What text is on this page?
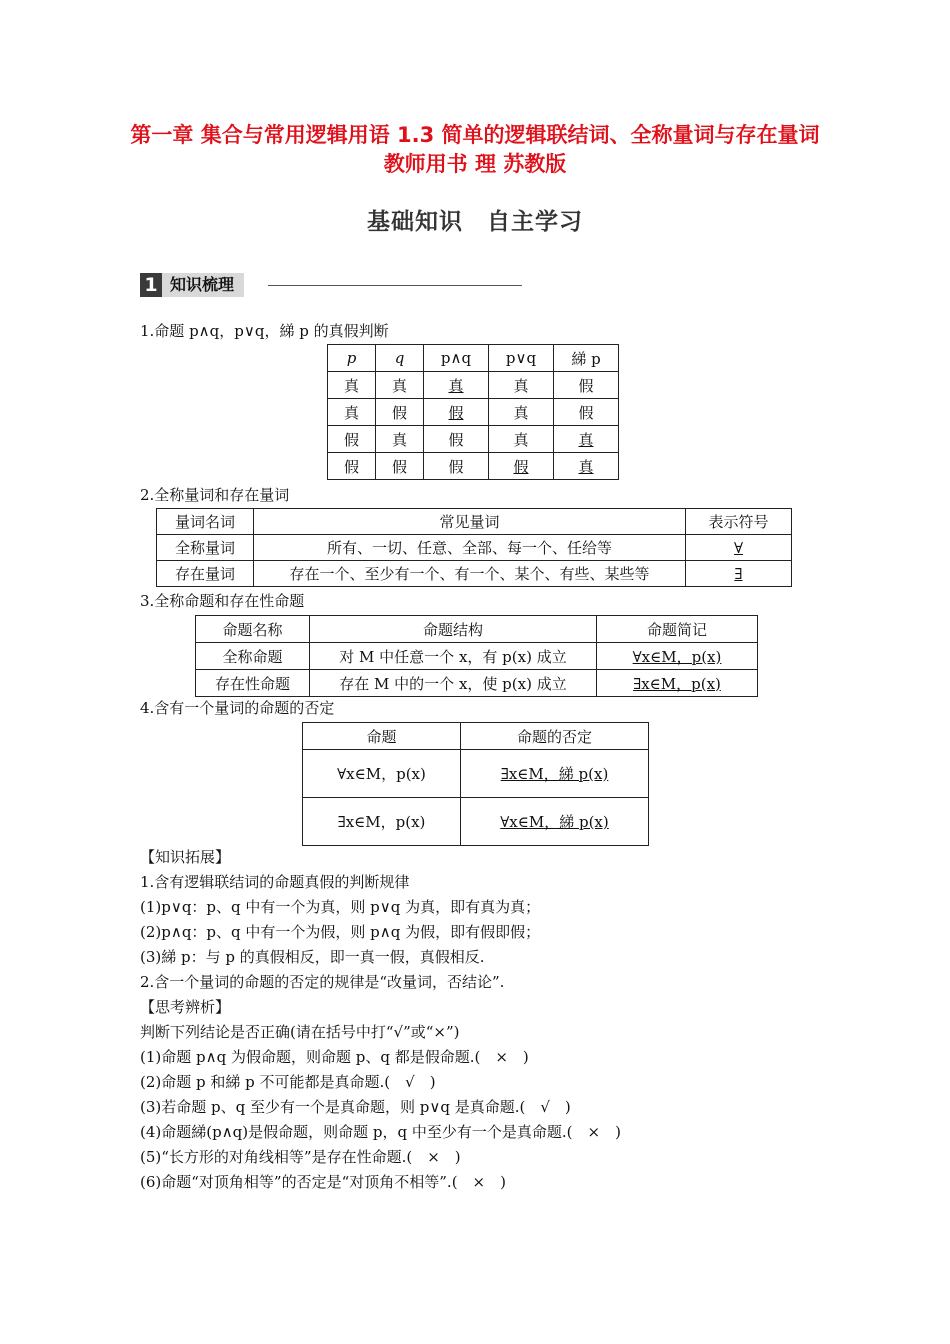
第一章 集合与常用逻辑用语 1.3 简单的逻辑联结词、全称量词与存在量词教师用书 理 苏教版
基础知识　自主学习
1 知识梳理
1.命题 p∧q，p∨q，綈 p 的真假判断
p	q	p∧q	p∨q	綈 p
真	真	真	真	假
真	假	假	真	假
假	真	假	真	真
假	假	假	假	真
2.全称量词和存在量词
量词名词	常见量词	表示符号
全称量词	所有、一切、任意、全部、每一个、任给等	∀
存在量词	存在一个、至少有一个、有一个、某个、有些、某些等	∃
3.全称命题和存在性命题
命题名称	命题结构	命题简记
全称命题	对 M 中任意一个 x，有 p(x) 成立	∀x∈M，p(x)
存在性命题	存在 M 中的一个 x，使 p(x) 成立	∃x∈M，p(x)
4.含有一个量词的命题的否定
命题	命题的否定
∀x∈M，p(x)	∃x∈M，綈 p(x)
∃x∈M，p(x)	∀x∈M，綈 p(x)
【知识拓展】
1.含有逻辑联结词的命题真假的判断规律
(1)p∨q：p、q 中有一个为真，则 p∨q 为真，即有真为真；
(2)p∧q：p、q 中有一个为假，则 p∧q 为假，即有假即假；
(3)綈 p：与 p 的真假相反，即一真一假，真假相反.
2.含一个量词的命题的否定的规律是“改量词，否结论”.
【思考辨析】
判断下列结论是否正确(请在括号中打“√”或“×”)
(1)命题 p∧q 为假命题，则命题 p、q 都是假命题.(　×　)
(2)命题 p 和綈 p 不可能都是真命题.(　√　)
(3)若命题 p、q 至少有一个是真命题，则 p∨q 是真命题.(　√　)
(4)命题綈(p∧q)是假命题，则命题 p，q 中至少有一个是真命题.(　×　)
(5)“长方形的对角线相等”是存在性命题.(　×　)
(6)命题“对顶角相等”的否定是“对顶角不相等”.(　×　)
